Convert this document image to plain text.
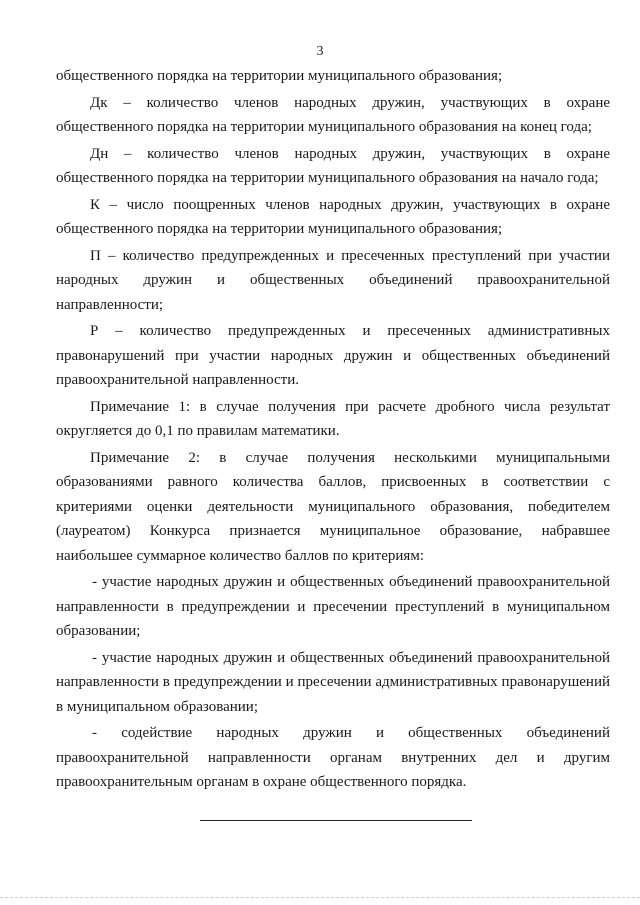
3

общественного порядка на территории муниципального образования;

Дк – количество членов народных дружин, участвующих в охране общественного порядка на территории муниципального образования на конец года;

Дн – количество членов народных дружин, участвующих в охране общественного порядка на территории муниципального образования на начало года;

К – число поощренных членов народных дружин, участвующих в охране общественного порядка на территории муниципального образования;

П – количество предупрежденных и пресеченных преступлений при участии народных дружин и общественных объединений правоохранительной направленности;

Р – количество предупрежденных и пресеченных административных правонарушений при участии народных дружин и общественных объединений правоохранительной направленности.

Примечание 1: в случае получения при расчете дробного числа результат округляется до 0,1 по правилам математики.

Примечание 2: в случае получения несколькими муниципальными образованиями равного количества баллов, присвоенных в соответствии с критериями оценки деятельности муниципального образования, победителем (лауреатом) Конкурса признается муниципальное образование, набравшее наибольшее суммарное количество баллов по критериям:

- участие народных дружин и общественных объединений правоохранительной направленности в предупреждении и пресечении преступлений в муниципальном образовании;

- участие народных дружин и общественных объединений правоохранительной направленности в предупреждении и пресечении административных правонарушений в муниципальном образовании;

- содействие народных дружин и общественных объединений правоохранительной направленности органам внутренних дел и другим правоохранительным органам в охране общественного порядка.
